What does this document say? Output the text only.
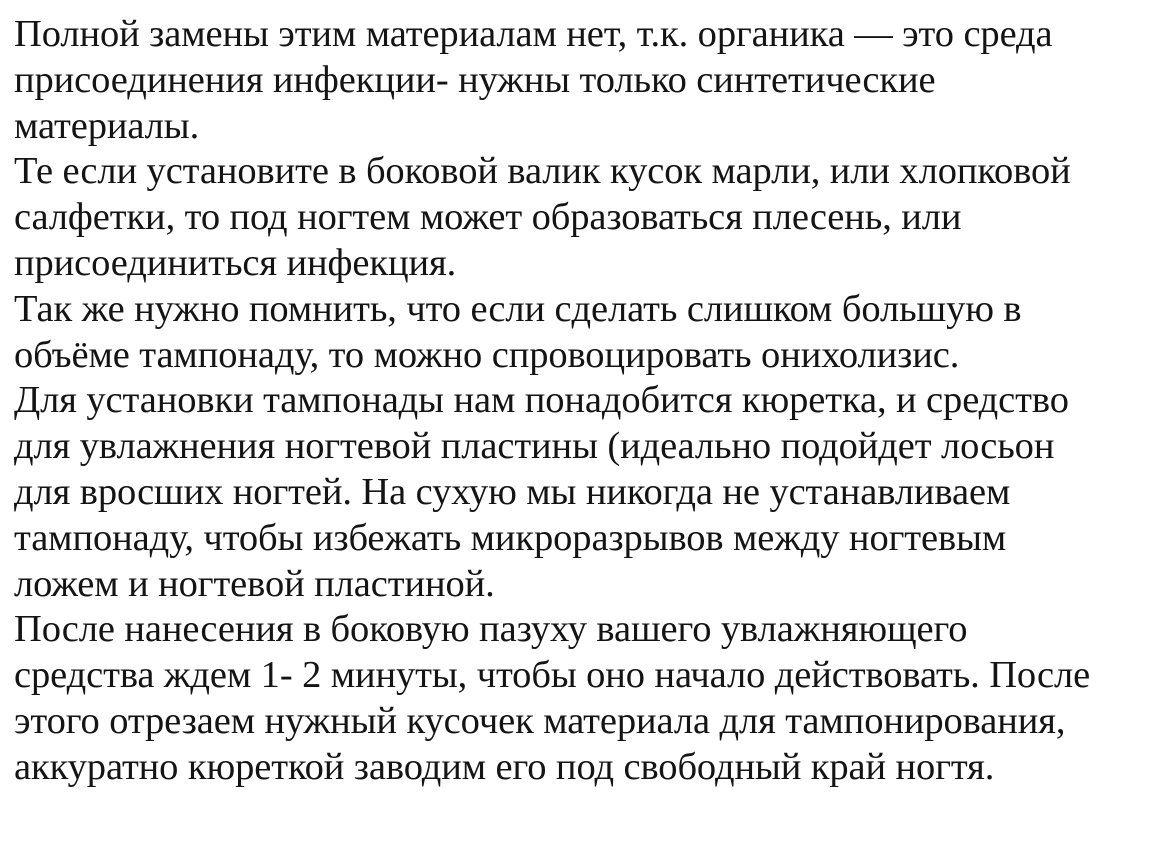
Полной замены этим материалам нет, т.к. органика — это среда
присоединения инфекции- нужны только синтетические
материалы.
Те если установите в боковой валик кусок марли, или хлопковой
салфетки, то под ногтем может образоваться плесень, или
присоединиться инфекция.
Так же нужно помнить, что если сделать слишком большую в
объёме тампонаду, то можно спровоцировать онихолизис.
Для установки тампонады нам понадобится кюретка, и средство
для увлажнения ногтевой пластины (идеально подойдет лосьон
для вросших ногтей. На сухую мы никогда не устанавливаем
тампонаду, чтобы избежать микроразрывов между ногтевым
ложем и ногтевой пластиной.
После нанесения в боковую пазуху вашего увлажняющего
средства ждем 1- 2 минуты, чтобы оно начало действовать. После
этого отрезаем нужный кусочек материала для тампонирования,
аккуратно кюреткой заводим его под свободный край ногтя.
